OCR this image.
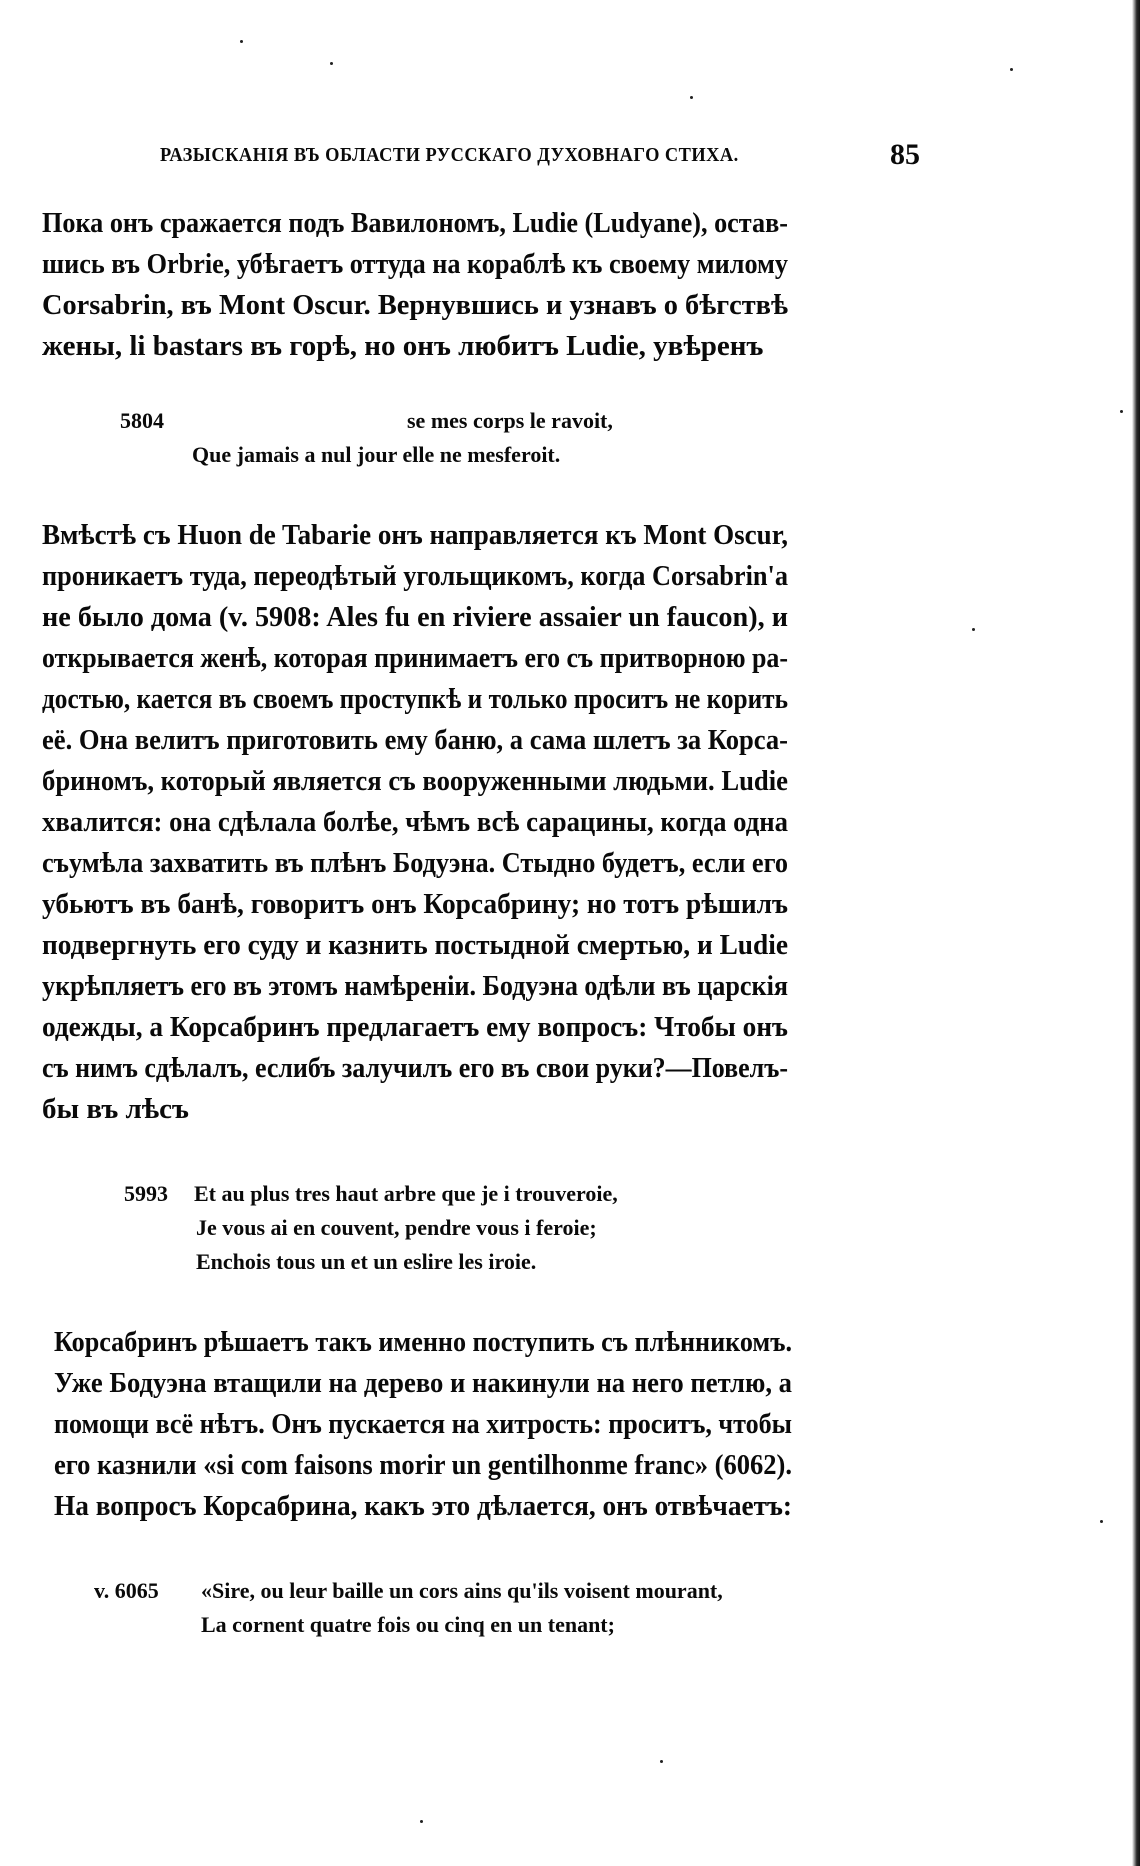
РАЗЫСКАНІЯ ВЪ ОБЛАСТИ РУССКАГО ДУХОВНАГО СТИХА.	85
Пока онъ сражается подъ Вавилономъ, Ludie (Ludyane), остав-
шись въ Orbrie, убѣгаетъ оттуда на кораблѣ къ своему милому
Corsabrin, въ Mont Oscur. Вернувшись и узнавъ о бѣгствѣ
жены, li bastars въ горѣ, но онъ любитъ Ludie, увѣренъ
5804	se mes corps le ravoit,
Que jamais a nul jour elle ne mesferoit.
Вмѣстѣ съ Huon de Tabarie онъ направляется къ Mont Oscur,
проникаетъ туда, переодѣтый угольщикомъ, когда Corsabrin'а
не было дома (v. 5908: Ales fu en riviere assaier un faucon), и
открывается женѣ, которая принимаетъ его съ притворною ра-
достью, кается въ своемъ проступкѣ и только проситъ не корить
её. Она велитъ приготовить ему баню, а сама шлетъ за Корса-
бриномъ, который является съ вооруженными людьми. Ludie
хвалится: она сдѣлала болѣе, чѣмъ всѣ сарацины, когда одна
съумѣла захватить въ плѣнъ Бодуэна. Стыдно будетъ, если его
убьютъ въ банѣ, говоритъ онъ Корсабрину; но тотъ рѣшилъ
подвергнуть его суду и казнить постыдной смертью, и Ludie
укрѣпляетъ его въ этомъ намѣреніи. Бодуэна одѣли въ царскія
одежды, а Корсабринъ предлагаетъ ему вопросъ: Чтобы онъ
съ нимъ сдѣлалъ, еслибъ залучилъ его въ свои руки?—Повелъ-
бы въ лѣсъ
5993 Et au plus tres haut arbre que je i trouveroie,
Je vous ai en couvent, pendre vous i feroie;
Enchois tous un et un eslire les iroie.
Корсабринъ рѣшаетъ такъ именно поступить съ плѣнникомъ.
Уже Бодуэна втащили на дерево и накинули на него петлю, а
помощи всё нѣтъ. Онъ пускается на хитрость: проситъ, чтобы
его казнили «si com faisons morir un gentilhonme franc» (6062).
На вопросъ Корсабрина, какъ это дѣлается, онъ отвѣчаетъ:
v. 6065 «Sire, ou leur baille un cors ains qu'ils voisent mourant,
La cornent quatre fois ou cinq en un tenant;
